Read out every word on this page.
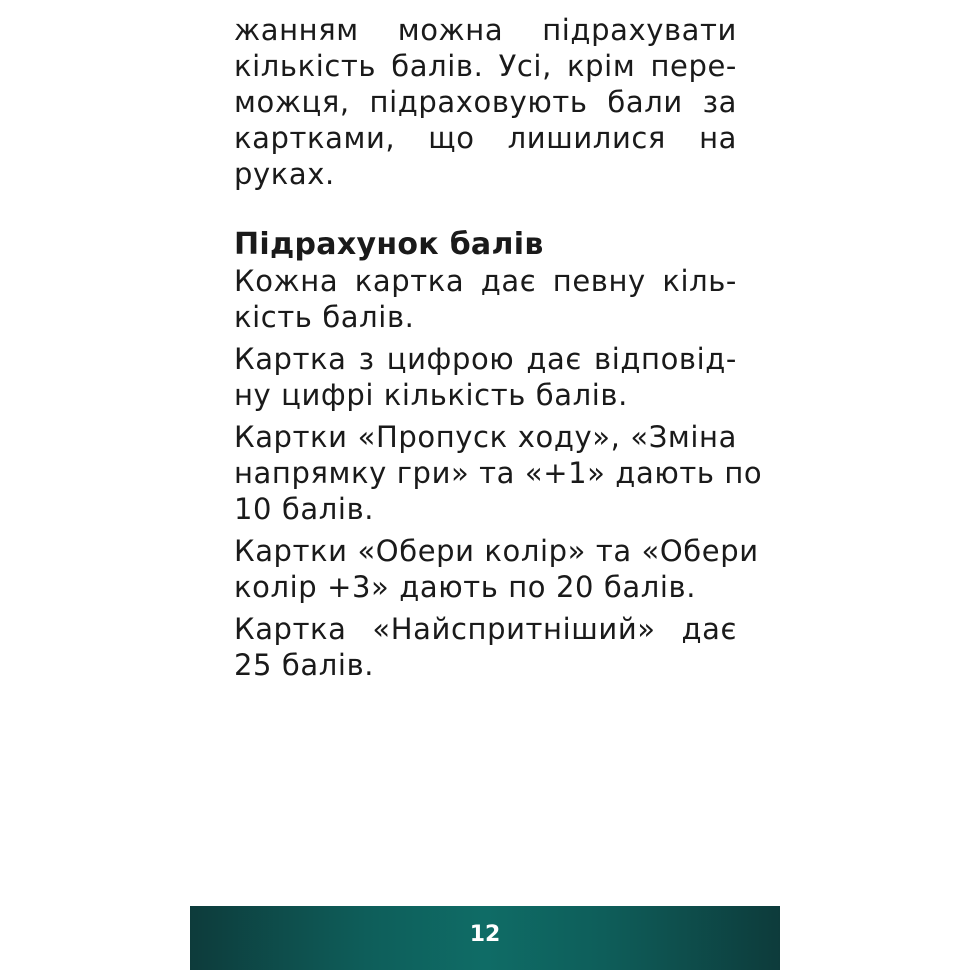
жанням можна підрахувати
кількість балів. Усі, крім пере-
можця, підраховують бали за
картками, що лишилися на
руках.

Підрахунок балів

Кожна картка дає певну кіль-
кість балів.

Картка з цифрою дає відповід-
ну цифрі кількість балів.

Картки «Пропуск ходу», «Зміна
напрямку гри» та «+1» дають по
10 балів.

Картки «Обери колір» та «Обери
колір +3» дають по 20 балів.

Картка «Найспритніший» дає
25 балів.

12
